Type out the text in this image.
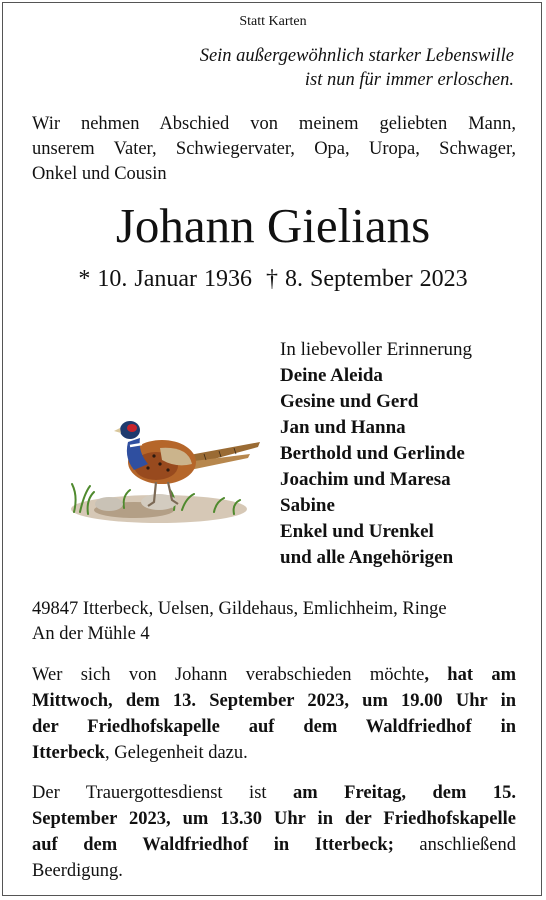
Statt Karten
Sein außergewöhnlich starker Lebenswille
ist nun für immer erloschen.
Wir nehmen Abschied von meinem geliebten Mann,
unserem Vater, Schwiegervater, Opa, Uropa, Schwager,
Onkel und Cousin
Johann Gielians
* 10. Januar 1936 † 8. September 2023
In liebevoller Erinnerung
Deine Aleida
Gesine und Gerd
Jan und Hanna
Berthold und Gerlinde
Joachim und Maresa
Sabine
Enkel und Urenkel
und alle Angehörigen
49847 Itterbeck, Uelsen, Gildehaus, Emlichheim, Ringe
An der Mühle 4
Wer sich von Johann verabschieden möchte, hat am
Mittwoch, dem 13. September 2023, um 19.00 Uhr in
der Friedhofskapelle auf dem Waldfriedhof in
Itterbeck, Gelegenheit dazu.
Der Trauergottesdienst ist am Freitag, dem 15.
September 2023, um 13.30 Uhr in der Friedhofskapelle
auf dem Waldfriedhof in Itterbeck; anschließend
Beerdigung.
